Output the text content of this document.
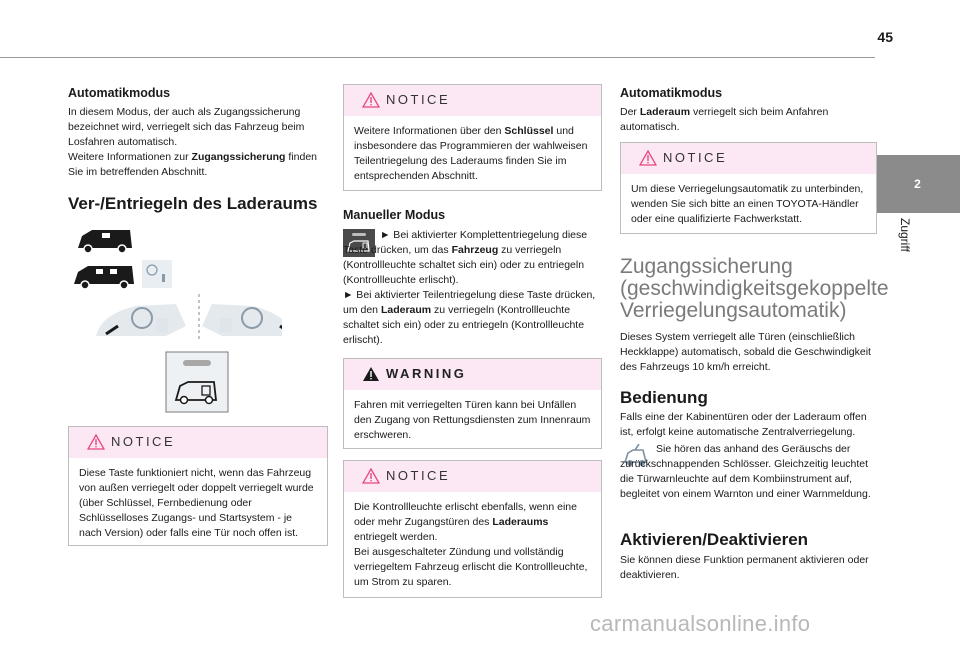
45
2
Zugriff
Automatikmodus

In diesem Modus, der auch als Zugangssicherung bezeichnet wird, verriegelt sich das Fahrzeug beim Losfahren automatisch.

Weitere Informationen zur Zugangssicherung finden Sie im betreffenden Abschnitt.

Ver-/Entriegeln des Laderaums
NOTICE
Diese Taste funktioniert nicht, wenn das Fahrzeug von außen verriegelt oder doppelt verriegelt wurde (über Schlüssel, Fernbedienung oder Schlüsselloses Zugangs- und Startsystem - je nach Version) oder falls eine Tür noch offen ist.
NOTICE
Weitere Informationen über den Schlüssel und insbesondere das Programmieren der wahlweisen Teilentriegelung des Laderaums finden Sie im entsprechenden Abschnitt.
Manueller Modus

► Bei aktivierter Komplettentriegelung diese Taste drücken, um das Fahrzeug zu verriegeln (Kontrollleuchte schaltet sich ein) oder zu entriegeln (Kontrollleuchte erlischt).

► Bei aktivierter Teilentriegelung diese Taste drücken, um den Laderaum zu verriegeln (Kontrollleuchte schaltet sich ein) oder zu entriegeln (Kontrollleuchte erlischt).

WARNING
Fahren mit verriegelten Türen kann bei Unfällen den Zugang von Rettungsdiensten zum Innenraum erschweren.
NOTICE
Die Kontrollleuchte erlischt ebenfalls, wenn eine oder mehr Zugangstüren des Laderaums entriegelt werden.
Bei ausgeschalteter Zündung und vollständig verriegeltem Fahrzeug erlischt die Kontrollleuchte, um Strom zu sparen.
Automatikmodus

Der Laderaum verriegelt sich beim Anfahren automatisch.

NOTICE
Um diese Verriegelungsautomatik zu unterbinden, wenden Sie sich bitte an einen TOYOTA-Händler oder eine qualifizierte Fachwerkstatt.
Zugangssicherung
(geschwindigkeitsgekoppelte
Verriegelungsautomatik)

Dieses System verriegelt alle Türen (einschließlich Heckklappe) automatisch, sobald die Geschwindigkeit des Fahrzeugs 10 km/h erreicht.

Bedienung

Falls eine der Kabinentüren oder der Laderaum offen ist, erfolgt keine automatische Zentralverriegelung.

Sie hören das anhand des Geräuschs der zurückschnappenden Schlösser. Gleichzeitig leuchtet die Türwarnleuchte auf dem Kombiinstrument auf, begleitet von einem Warnton und einer Warnmeldung.

Aktivieren/Deaktivieren

Sie können diese Funktion permanent aktivieren oder deaktivieren.

carmanualsonline.info
